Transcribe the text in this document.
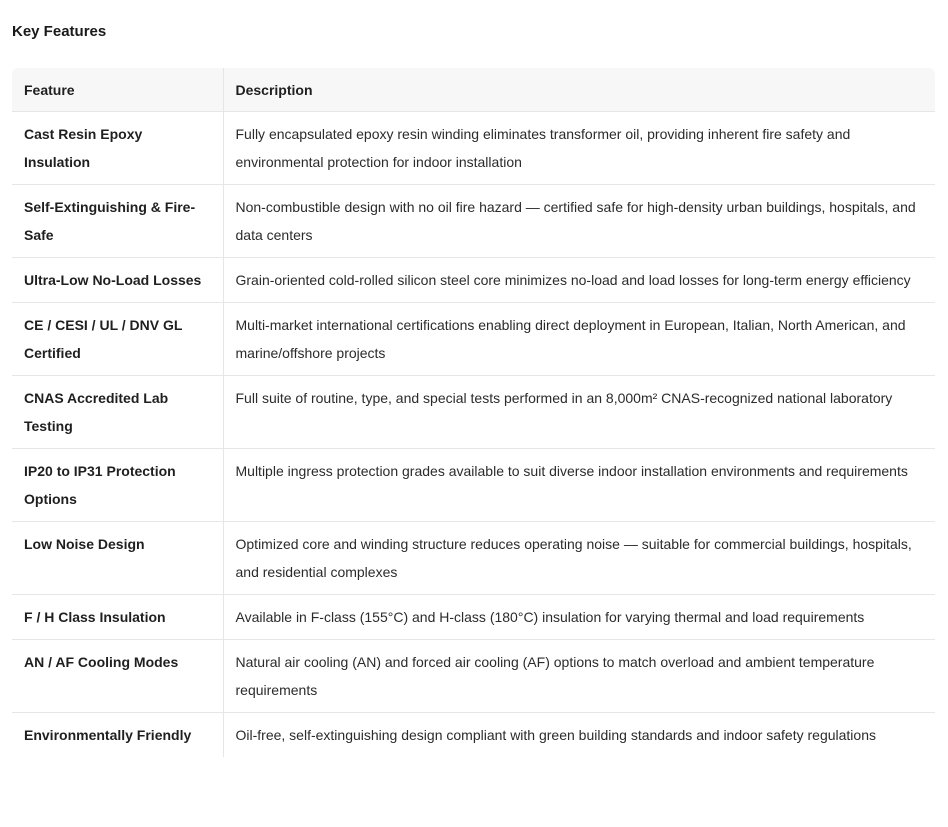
Key Features
Feature	Description
Cast Resin Epoxy Insulation	Fully encapsulated epoxy resin winding eliminates transformer oil, providing inherent fire safety and environmental protection for indoor installation
Self-Extinguishing & Fire-Safe	Non-combustible design with no oil fire hazard — certified safe for high-density urban buildings, hospitals, and data centers
Ultra-Low No-Load Losses	Grain-oriented cold-rolled silicon steel core minimizes no-load and load losses for long-term energy efficiency
CE / CESI / UL / DNV GL Certified	Multi-market international certifications enabling direct deployment in European, Italian, North American, and marine/offshore projects
CNAS Accredited Lab Testing	Full suite of routine, type, and special tests performed in an 8,000m² CNAS-recognized national laboratory
IP20 to IP31 Protection Options	Multiple ingress protection grades available to suit diverse indoor installation environments and requirements
Low Noise Design	Optimized core and winding structure reduces operating noise — suitable for commercial buildings, hospitals, and residential complexes
F / H Class Insulation	Available in F-class (155°C) and H-class (180°C) insulation for varying thermal and load requirements
AN / AF Cooling Modes	Natural air cooling (AN) and forced air cooling (AF) options to match overload and ambient temperature requirements
Environmentally Friendly	Oil-free, self-extinguishing design compliant with green building standards and indoor safety regulations
